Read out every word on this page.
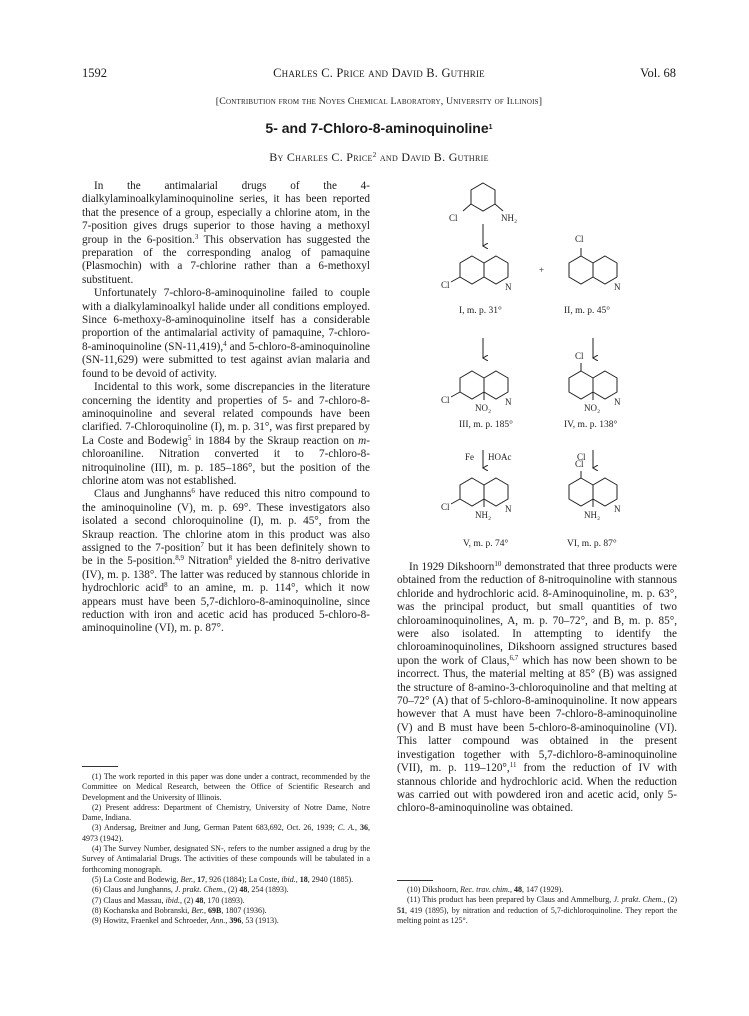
1592	Charles C. Price and David B. Guthrie	Vol. 68
[Contribution from the Noyes Chemical Laboratory, University of Illinois]
5- and 7-Chloro-8-aminoquinoline$^1$
By Charles C. Price$^2$ and David B. Guthrie

In the antimalarial drugs of the 4-dialkylaminoalkylaminoquinoline series, it has been reported that the presence of a group, especially a chlorine atom, in the 7-position gives drugs superior to those having a methoxyl group in the 6-position.$^3$ This observation has suggested the preparation of the corresponding analog of pamaquine (Plasmochin) with a 7-chlorine rather than a 6-methoxyl substituent.

Unfortunately 7-chloro-8-aminoquinoline failed to couple with a dialkylaminoalkyl halide under all conditions employed. Since 6-methoxy-8-aminoquinoline itself has a considerable proportion of the antimalarial activity of pamaquine, 7-chloro-8-aminoquinoline (SN-11,419),$^4$ and 5-chloro-8-aminoquinoline (SN-11,629) were submitted to test against avian malaria and found to be devoid of activity.

Incidental to this work, some discrepancies in the literature concerning the identity and properties of 5- and 7-chloro-8-aminoquinoline and several related compounds have been clarified. 7-Chloroquinoline (I), m. p. 31°, was first prepared by La Coste and Bodewig$^5$ in 1884 by the Skraup reaction on m-chloroaniline. Nitration converted it to 7-chloro-8-nitroquinoline (III), m. p. 185–186°, but the position of the chlorine atom was not established.

Claus and Junghanns$^6$ have reduced this nitro compound to the aminoquinoline (V), m. p. 69°. These investigators also isolated a second chloroquinoline (I), m. p. 45°, from the Skraup reaction. The chlorine atom in this product was also assigned to the 7-position$^7$ but it has been definitely shown to be in the 5-position.$^{8,9}$ Nitration$^8$ yielded the 8-nitro derivative (IV), m. p. 138°. The latter was reduced by stannous chloride in hydrochloric acid$^8$ to an amine, m. p. 114°, which it now appears must have been 5,7-dichloro-8-aminoquinoline, since reduction with iron and acetic acid has produced 5-chloro-8-aminoquinoline (VI), m. p. 87°.

(1) The work reported in this paper was done under a contract, recommended by the Committee on Medical Research, between the Office of Scientific Research and Development and the University of Illinois.

(2) Present address: Department of Chemistry, University of Notre Dame, Notre Dame, Indiana.

(3) Andersag, Breitner and Jung, German Patent 683,692, Oct. 26, 1939; C. A., 36, 4973 (1942).

(4) The Survey Number, designated SN-, refers to the number assigned a drug by the Survey of Antimalarial Drugs. The activities of these compounds will be tabulated in a forthcoming monograph.

(5) La Coste and Bodewig, Ber., 17, 926 (1884); La Coste, ibid., 18, 2940 (1885).

(6) Claus and Junghanns, J. prakt. Chem., (2) 48, 254 (1893).

(7) Claus and Massau, ibid., (2) 48, 170 (1893).

(8) Kochanska and Bobranski, Ber., 69B, 1807 (1936).

(9) Howitz, Fraenkel and Schroeder, Ann., 396, 53 (1913).

Cl	NH₂
Cl	N
I, m. p. 31°
+
Cl
N
II, m. p. 45°
Cl	N
NO₂
III, m. p. 185°
Cl
N
NO₂
IV, m. p. 138°
Fe HOAc	Cl
Cl	N
NH₂
V, m. p. 74°
Cl
N
NH₂
VI, m. p. 87°

In 1929 Dikshoorn$^{10}$ demonstrated that three products were obtained from the reduction of 8-nitroquinoline with stannous chloride and hydrochloric acid. 8-Aminoquinoline, m. p. 63°, was the principal product, but small quantities of two chloroaminoquinolines, A, m. p. 70–72°, and B, m. p. 85°, were also isolated. In attempting to identify the chloroaminoquinolines, Dikshoorn assigned structures based upon the work of Claus,$^{6,7}$ which has now been shown to be incorrect. Thus, the material melting at 85° (B) was assigned the structure of 8-amino-3-chloroquinoline and that melting at 70–72° (A) that of 5-chloro-8-aminoquinoline. It now appears however that A must have been 7-chloro-8-aminoquinoline (V) and B must have been 5-chloro-8-aminoquinoline (VI). This latter compound was obtained in the present investigation together with 5,7-dichloro-8-aminoquinoline (VII), m. p. 119–120°,$^{11}$ from the reduction of IV with stannous chloride and hydrochloric acid. When the reduction was carried out with powdered iron and acetic acid, only 5-chloro-8-aminoquinoline was obtained.

(10) Dikshoorn, Rec. trav. chim., 48, 147 (1929).

(11) This product has been prepared by Claus and Ammelburg, J. prakt. Chem., (2) 51, 419 (1895), by nitration and reduction of 5,7-dichloroquinoline. They report the melting point as 125°.
